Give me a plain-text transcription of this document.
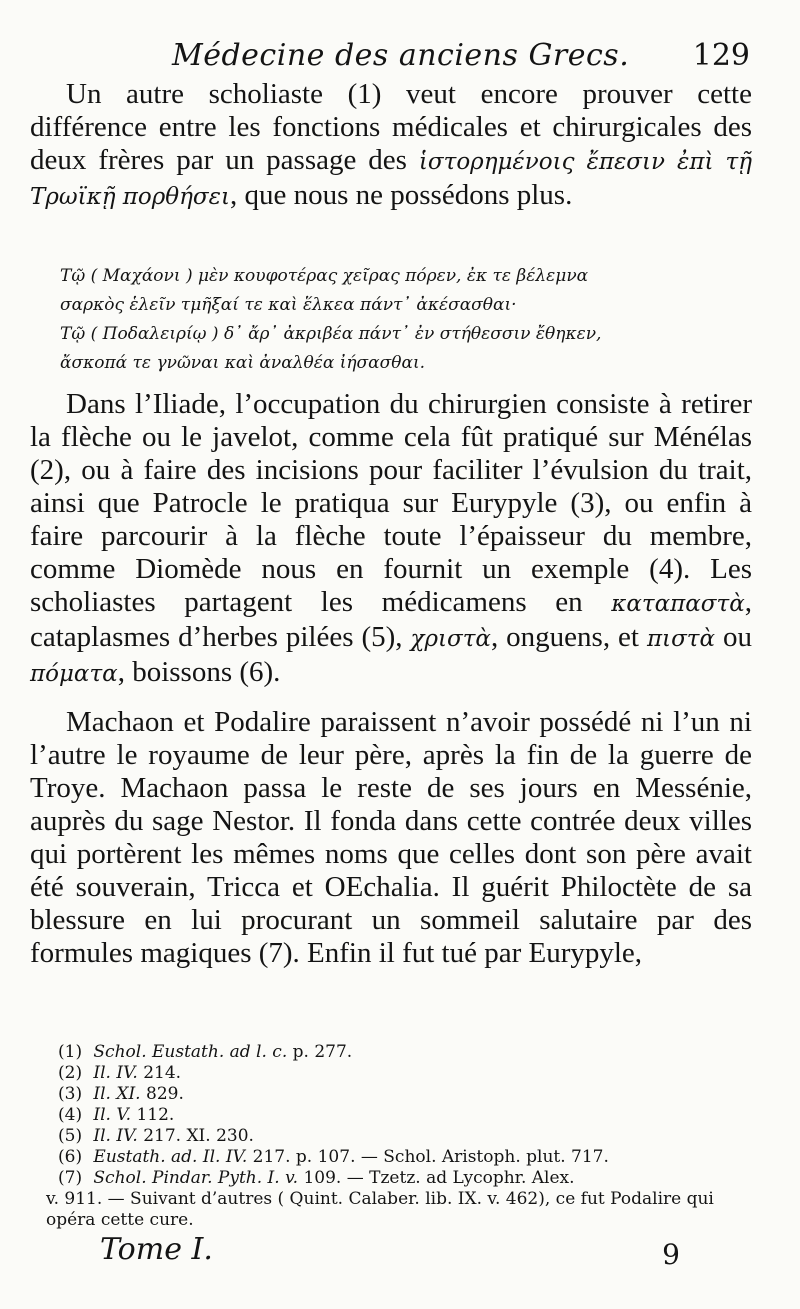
Médecine des anciens Grecs. 129

Un autre scholiaste (1) veut encore prouver cette différence entre les fonctions médicales et chirurgicales des deux frères par un passage des ἱστορημένοις ἔπεσιν ἐπὶ τῇ Τρωϊκῇ πορθήσει, que nous ne possédons plus.

Τῷ ( Μαχάονι ) μὲν κουφοτέρας χεῖρας πόρεν, ἐκ τε βέλεμνα
σαρκὸς ἑλεῖν τμῆξαί τε καὶ ἕλκεα πάντ᾽ ἀκέσασθαι·
Τῷ ( Ποδαλειρίῳ ) δ᾽ ἄρ᾽ ἀκριβέα πάντ᾽ ἐν στήθεσσιν ἔθηκεν,
ἄσκοπά τε γνῶναι καὶ ἀναλθέα ἰήσασθαι.

Dans l’Iliade, l’occupation du chirurgien consiste à retirer la flèche ou le javelot, comme cela fût pratiqué sur Ménélas (2), ou à faire des incisions pour faciliter l’évulsion du trait, ainsi que Patrocle le pratiqua sur Eurypyle (3), ou enfin à faire parcourir à la flèche toute l’épaisseur du membre, comme Diomède nous en fournit un exemple (4). Les scholiastes partagent les médicamens en καταπαστὰ, cataplasmes d’herbes pilées (5), χριστὰ, onguens, et πιστὰ ou πόματα, boissons (6).

Machaon et Podalire paraissent n’avoir possédé ni l’un ni l’autre le royaume de leur père, après la fin de la guerre de Troye. Machaon passa le reste de ses jours en Messénie, auprès du sage Nestor. Il fonda dans cette contrée deux villes qui portèrent les mêmes noms que celles dont son père avait été souverain, Tricca et OEchalia. Il guérit Philoctète de sa blessure en lui procurant un sommeil salutaire par des formules magiques (7). Enfin il fut tué par Eurypyle,

(1) Schol. Eustath. ad l. c. p. 277.
(2) Il. IV. 214.
(3) Il. XI. 829.
(4) Il. V. 112.
(5) Il. IV. 217. XI. 230.
(6) Eustath. ad. Il. IV. 217. p. 107. — Schol. Aristoph. plut. 717.
(7) Schol. Pindar. Pyth. I. v. 109. — Tzetz. ad Lycophr. Alex.
v. 911. — Suivant d’autres ( Quint. Calaber. lib. IX. v. 462), ce fut Podalire qui opéra cette cure.
Tome I.	9
